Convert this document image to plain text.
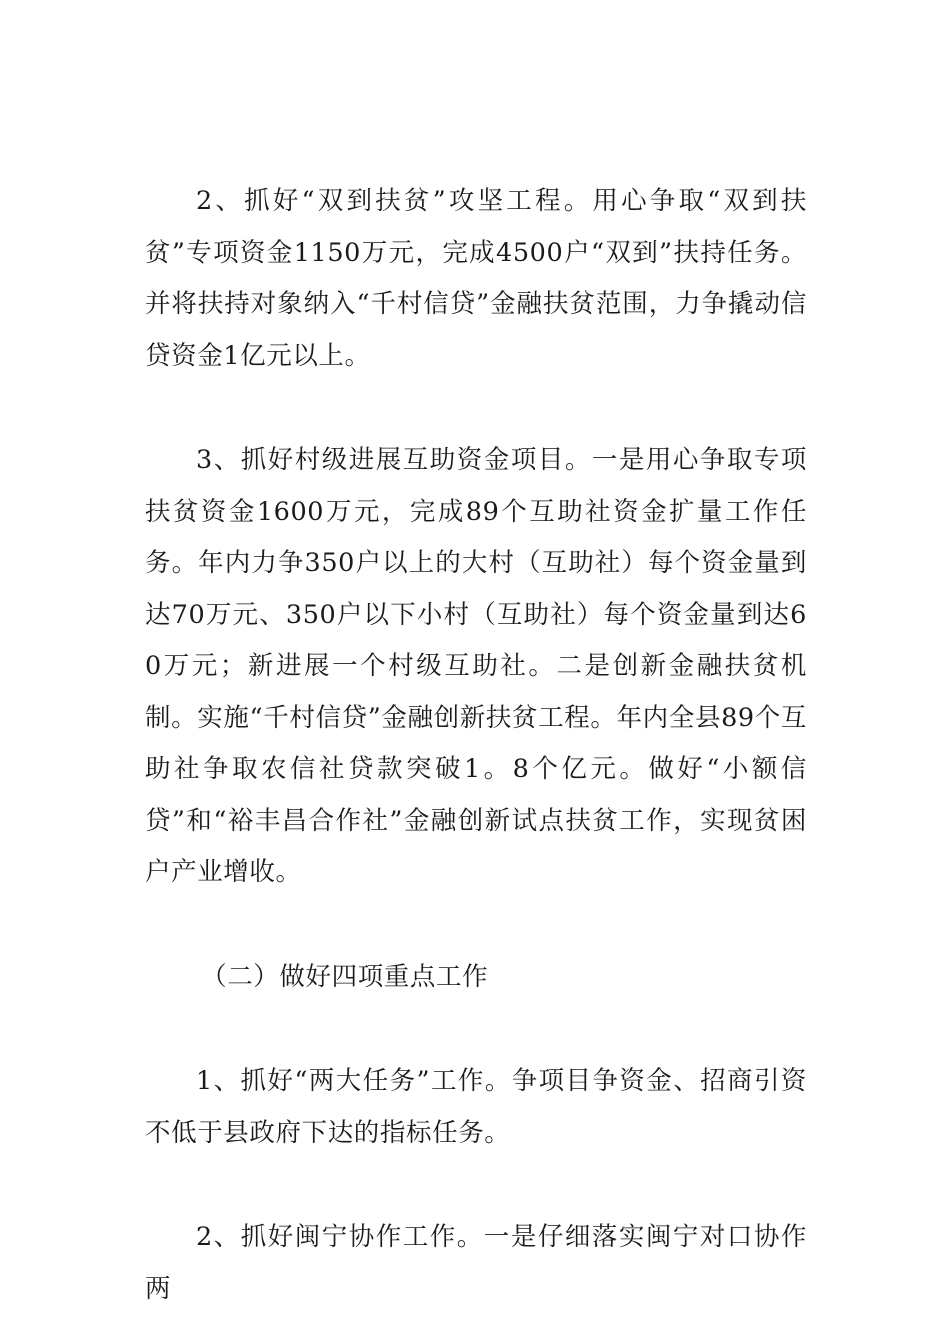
2、抓好“双到扶贫”攻坚工程。用心争取“双到扶贫”专项资金1150万元，完成4500户“双到”扶持任务。并将扶持对象纳入“千村信贷”金融扶贫范围，力争撬动信贷资金1亿元以上。

3、抓好村级进展互助资金项目。一是用心争取专项扶贫资金1600万元，完成89个互助社资金扩量工作任务。年内力争350户以上的大村（互助社）每个资金量到达70万元、350户以下小村（互助社）每个资金量到达60万元；新进展一个村级互助社。二是创新金融扶贫机制。实施“千村信贷”金融创新扶贫工程。年内全县89个互助社争取农信社贷款突破1。8个亿元。做好“小额信贷”和“裕丰昌合作社”金融创新试点扶贫工作，实现贫困户产业增收。

（二）做好四项重点工作

1、抓好“两大任务”工作。争项目争资金、招商引资不低于县政府下达的指标任务。

2、抓好闽宁协作工作。一是仔细落实闽宁对口协作两
